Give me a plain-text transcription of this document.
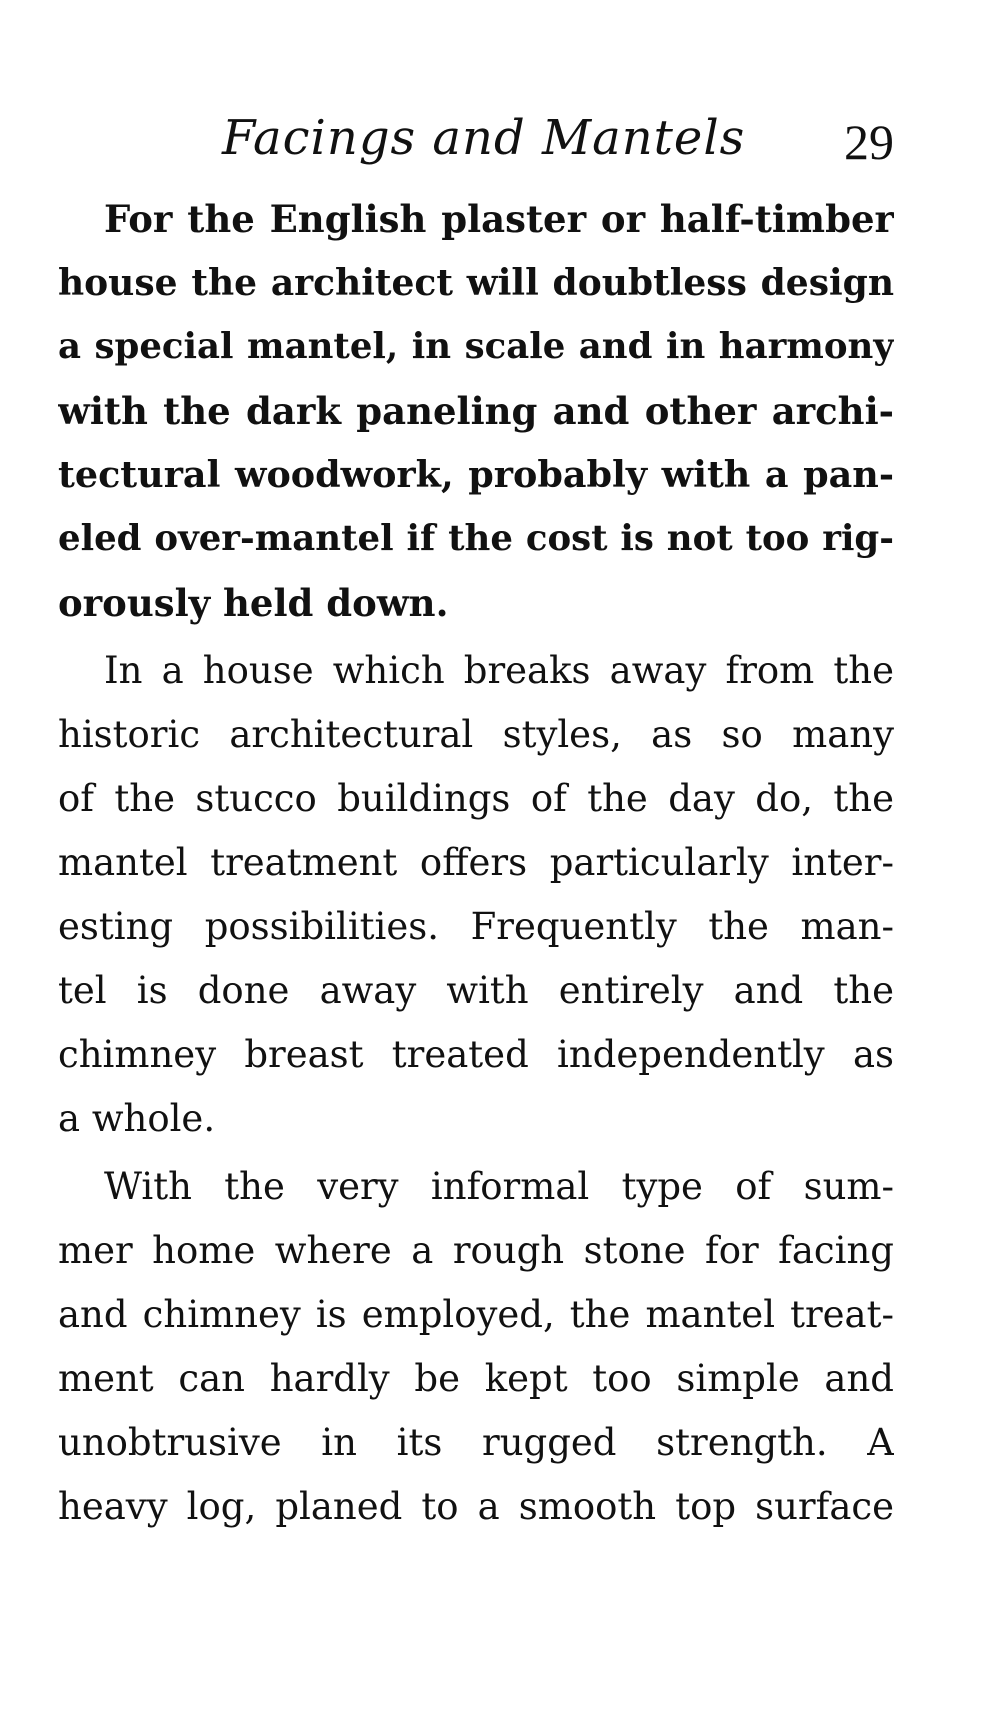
Facings and Mantels 29
For the English plaster or half-timber
house the architect will doubtless design
a special mantel, in scale and in harmony
with the dark paneling and other archi-
tectural woodwork, probably with a pan-
eled over-mantel if the cost is not too rig-
orously held down.
In a house which breaks away from the
historic architectural styles, as so many
of the stucco buildings of the day do, the
mantel treatment offers particularly inter-
esting possibilities. Frequently the man-
tel is done away with entirely and the
chimney breast treated independently as
a whole.
With the very informal type of sum-
mer home where a rough stone for facing
and chimney is employed, the mantel treat-
ment can hardly be kept too simple and
unobtrusive in its rugged strength. A
heavy log, planed to a smooth top surface
